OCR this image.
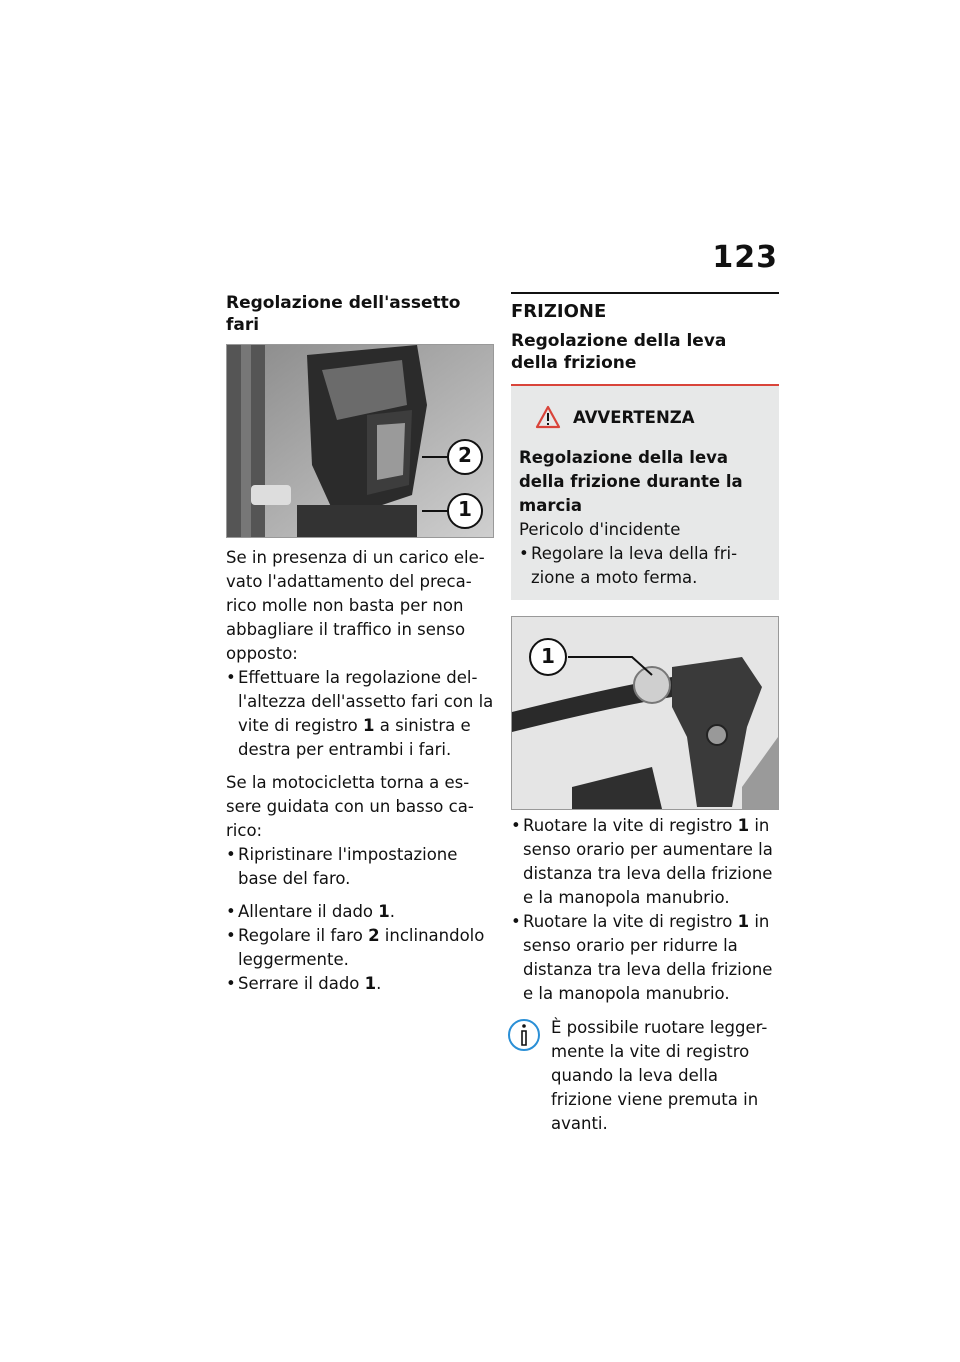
123
Regolazione dell'assetto fari
2
1

Se in presenza di un carico ele-vato l'adattamento del preca-rico molle non basta per non abbagliare il traffico in senso opposto:

• Effettuare la regolazione del-l'altezza dell'assetto fari con la vite di registro 1 a sinistra e destra per entrambi i fari.

Se la motocicletta torna a es-sere guidata con un basso ca-rico:

• Ripristinare l'impostazione base del faro.
• Allentare il dado 1.
• Regolare il faro 2 inclinandolo leggermente.
• Serrare il dado 1.
FRIZIONE
Regolazione della leva della frizione
AVVERTENZA
Regolazione della leva della frizione durante la marcia

Pericolo d'incidente

• Regolare la leva della fri-zione a moto ferma.
1
• Ruotare la vite di registro 1 in senso orario per aumentare la distanza tra leva della frizione e la manopola manubrio.
• Ruotare la vite di registro 1 in senso orario per ridurre la distanza tra leva della frizione e la manopola manubrio.

È possibile ruotare legger-mente la vite di registro quando la leva della frizione viene premuta in avanti.
